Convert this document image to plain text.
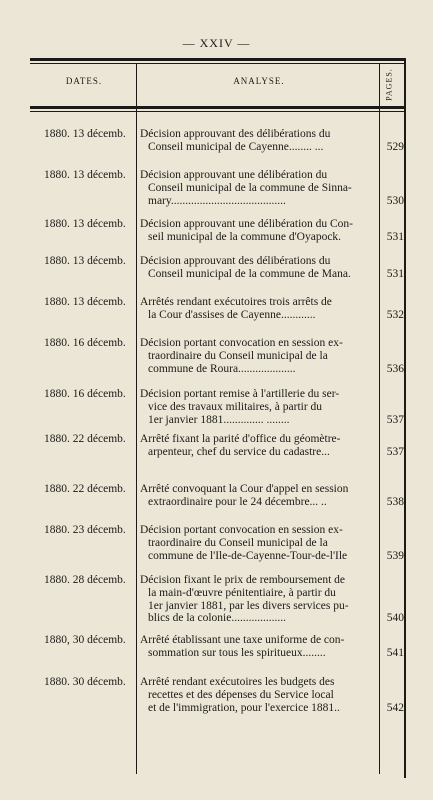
— XXIV —
DATES.	ANALYSE.	PAGES.
1880. 13 décemb. Décision approuvant des délibérations du
Conseil municipal de Cayenne........ ...	529
1880. 13 décemb. Décision approuvant une délibération du
Conseil municipal de la commune de Sinna-
mary........................................	530
1880. 13 décemb. Décision approuvant une délibération du Con-
seil municipal de la commune d'Oyapock.	531
1880. 13 décemb. Décision approuvant des délibérations du
Conseil municipal de la commune de Mana.	531
1880. 13 décemb. Arrêtés rendant exécutoires trois arrêts de
la Cour d'assises de Cayenne............	532
1880. 16 décemb. Décision portant convocation en session ex-
traordinaire du Conseil municipal de la
commune de Roura....................	536
1880. 16 décemb. Décision portant remise à l'artillerie du ser-
vice des travaux militaires, à partir du
1er janvier 1881.............. ........	537
1880. 22 décemb. Arrêté fixant la parité d'office du géomètre-
arpenteur, chef du service du cadastre...	537
1880. 22 décemb. Arrêté convoquant la Cour d'appel en session
extraordinaire pour le 24 décembre... ..	538
1880. 23 décemb. Décision portant convocation en session ex-
traordinaire du Conseil municipal de la
commune de l'Ile-de-Cayenne-Tour-de-l'Ile	539
1880. 28 décemb. Décision fixant le prix de remboursement de
la main-d'œuvre pénitentiaire, à partir du
1er janvier 1881, par les divers services pu-
blics de la colonie...................	540
1880, 30 décemb. Arrêté établissant une taxe uniforme de con-
sommation sur tous les spiritueux........	541
1880. 30 décemb. Arrêté rendant exécutoires les budgets des
recettes et des dépenses du Service local
et de l'immigration, pour l'exercice 1881..	542
